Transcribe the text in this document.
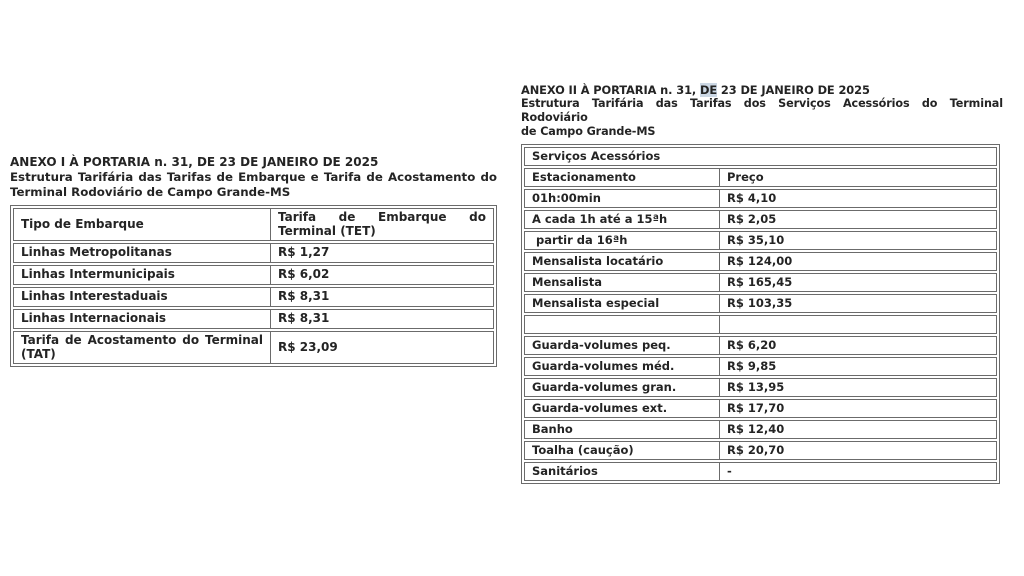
ANEXO I À PORTARIA n. 31, DE 23 DE JANEIRO DE 2025

Estrutura Tarifária das Tarifas de Embarque e Tarifa de Acostamento do
Terminal Rodoviário de Campo Grande-MS

Tipo de Embarque	Tarifa de Embarque do Terminal (TET)
Linhas Metropolitanas	R$ 1,27
Linhas Intermunicipais	R$ 6,02
Linhas Interestaduais	R$ 8,31
Linhas Internacionais	R$ 8,31
Tarifa de Acostamento do Terminal (TAT)	R$ 23,09
ANEXO II À PORTARIA n. 31, DE 23 DE JANEIRO DE 2025

Estrutura Tarifária das Tarifas dos Serviços Acessórios do Terminal Rodoviário
de Campo Grande-MS

Serviços Acessórios
Estacionamento	Preço
01h:00min	R$ 4,10
A cada 1h até a 15ªh	R$ 2,05
partir da 16ªh	R$ 35,10
Mensalista locatário	R$ 124,00
Mensalista	R$ 165,45
Mensalista especial	R$ 103,35
Guarda-volumes peq.	R$ 6,20
Guarda-volumes méd.	R$ 9,85
Guarda-volumes gran.	R$ 13,95
Guarda-volumes ext.	R$ 17,70
Banho	R$ 12,40
Toalha (caução)	R$ 20,70
Sanitários	-
